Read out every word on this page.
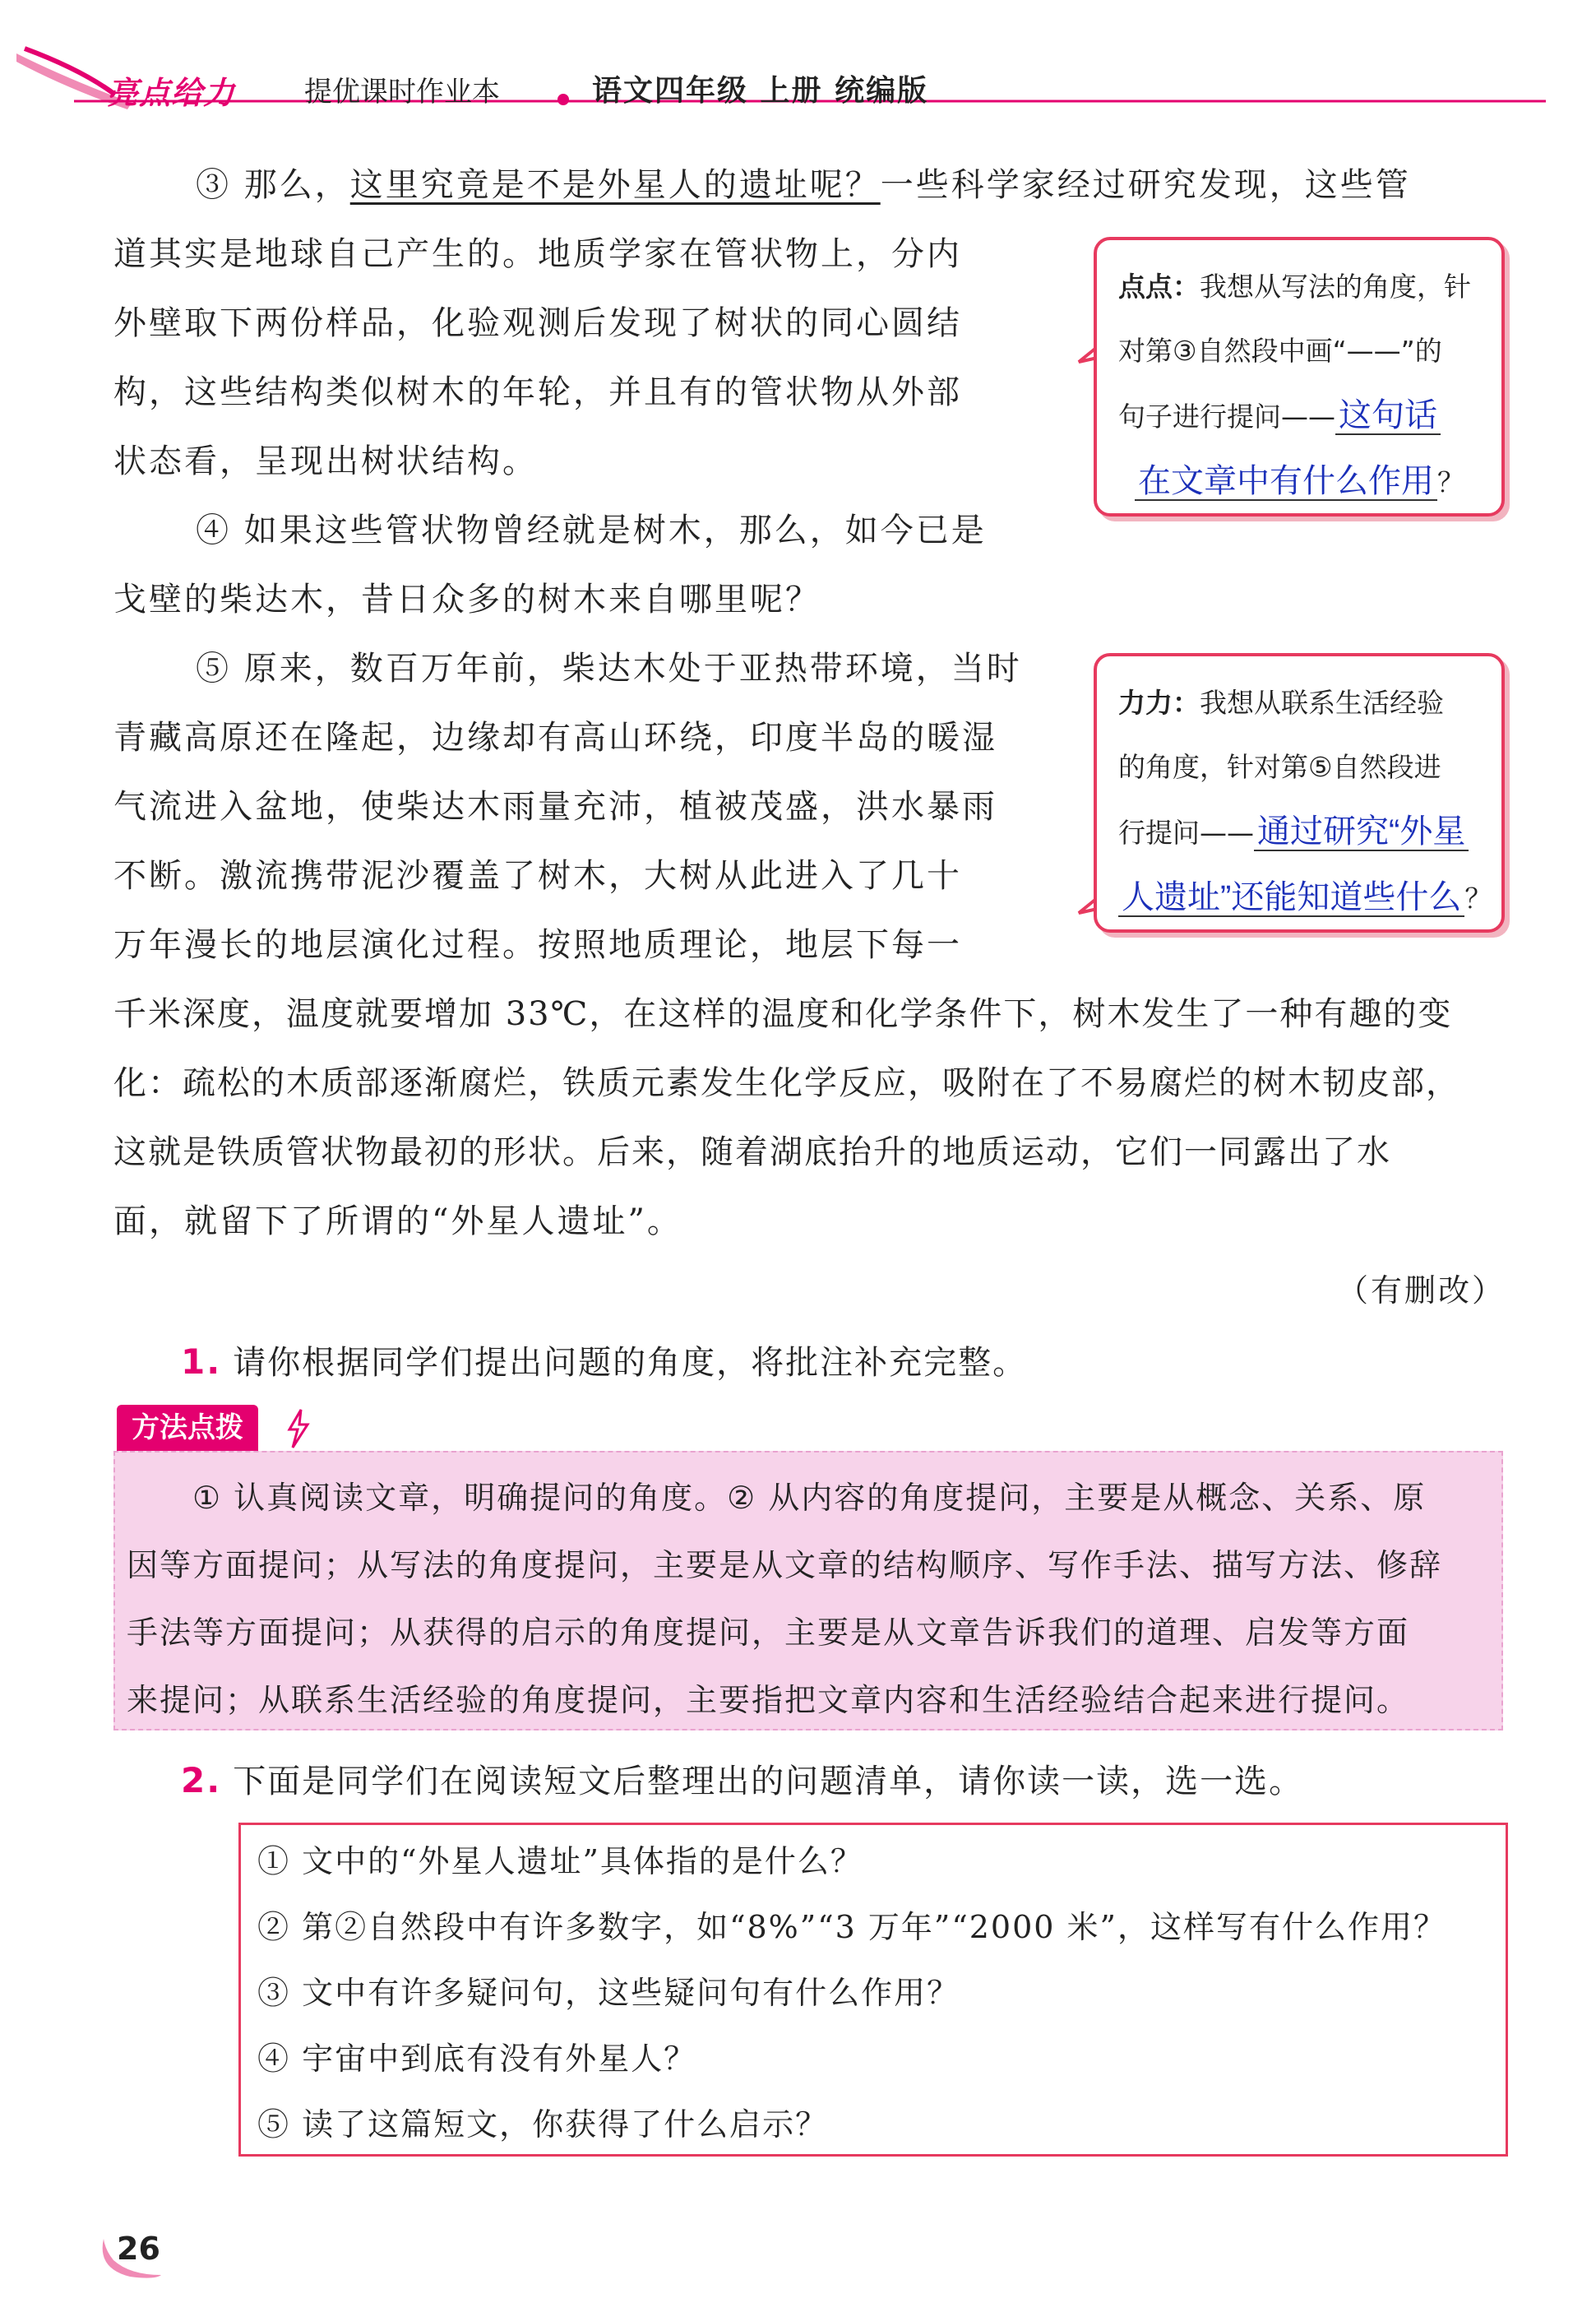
亮点给力 提优课时作业本	语文四年级 上册 统编版
③ 那么，这里究竟是不是外星人的遗址呢？一些科学家经过研究发现，这些管
道其实是地球自己产生的。地质学家在管状物上，分内
外壁取下两份样品，化验观测后发现了树状的同心圆结
构，这些结构类似树木的年轮，并且有的管状物从外部
状态看，呈现出树状结构。
④ 如果这些管状物曾经就是树木，那么，如今已是
戈壁的柴达木，昔日众多的树木来自哪里呢？
⑤ 原来，数百万年前，柴达木处于亚热带环境，当时
青藏高原还在隆起，边缘却有高山环绕，印度半岛的暖湿
气流进入盆地，使柴达木雨量充沛，植被茂盛，洪水暴雨
不断。激流携带泥沙覆盖了树木，大树从此进入了几十
万年漫长的地层演化过程。按照地质理论，地层下每一
千米深度，温度就要增加 33℃，在这样的温度和化学条件下，树木发生了一种有趣的变
化：疏松的木质部逐渐腐烂，铁质元素发生化学反应，吸附在了不易腐烂的树木韧皮部，
这就是铁质管状物最初的形状。后来，随着湖底抬升的地质运动，它们一同露出了水
面，就留下了所谓的“外星人遗址”。
（有删改）
点点：我想从写法的角度，针
对第③自然段中画“——”的
句子进行提问—— 这句话
在文章中有什么作用 ？
力力：我想从联系生活经验
的角度，针对第⑤自然段进
行提问—— 通过研究“外星
人遗址”还能知道些什么 ？
1. 请你根据同学们提出问题的角度，将批注补充完整。
方法点拨
① 认真阅读文章，明确提问的角度。② 从内容的角度提问，主要是从概念、关系、原
因等方面提问；从写法的角度提问，主要是从文章的结构顺序、写作手法、描写方法、修辞
手法等方面提问；从获得的启示的角度提问，主要是从文章告诉我们的道理、启发等方面
来提问；从联系生活经验的角度提问，主要指把文章内容和生活经验结合起来进行提问。
2. 下面是同学们在阅读短文后整理出的问题清单，请你读一读，选一选。
① 文中的“外星人遗址”具体指的是什么？
② 第②自然段中有许多数字，如“8%”“3 万年”“2000 米”，这样写有什么作用？
③ 文中有许多疑问句，这些疑问句有什么作用？
④ 宇宙中到底有没有外星人？
⑤ 读了这篇短文，你获得了什么启示？
26
